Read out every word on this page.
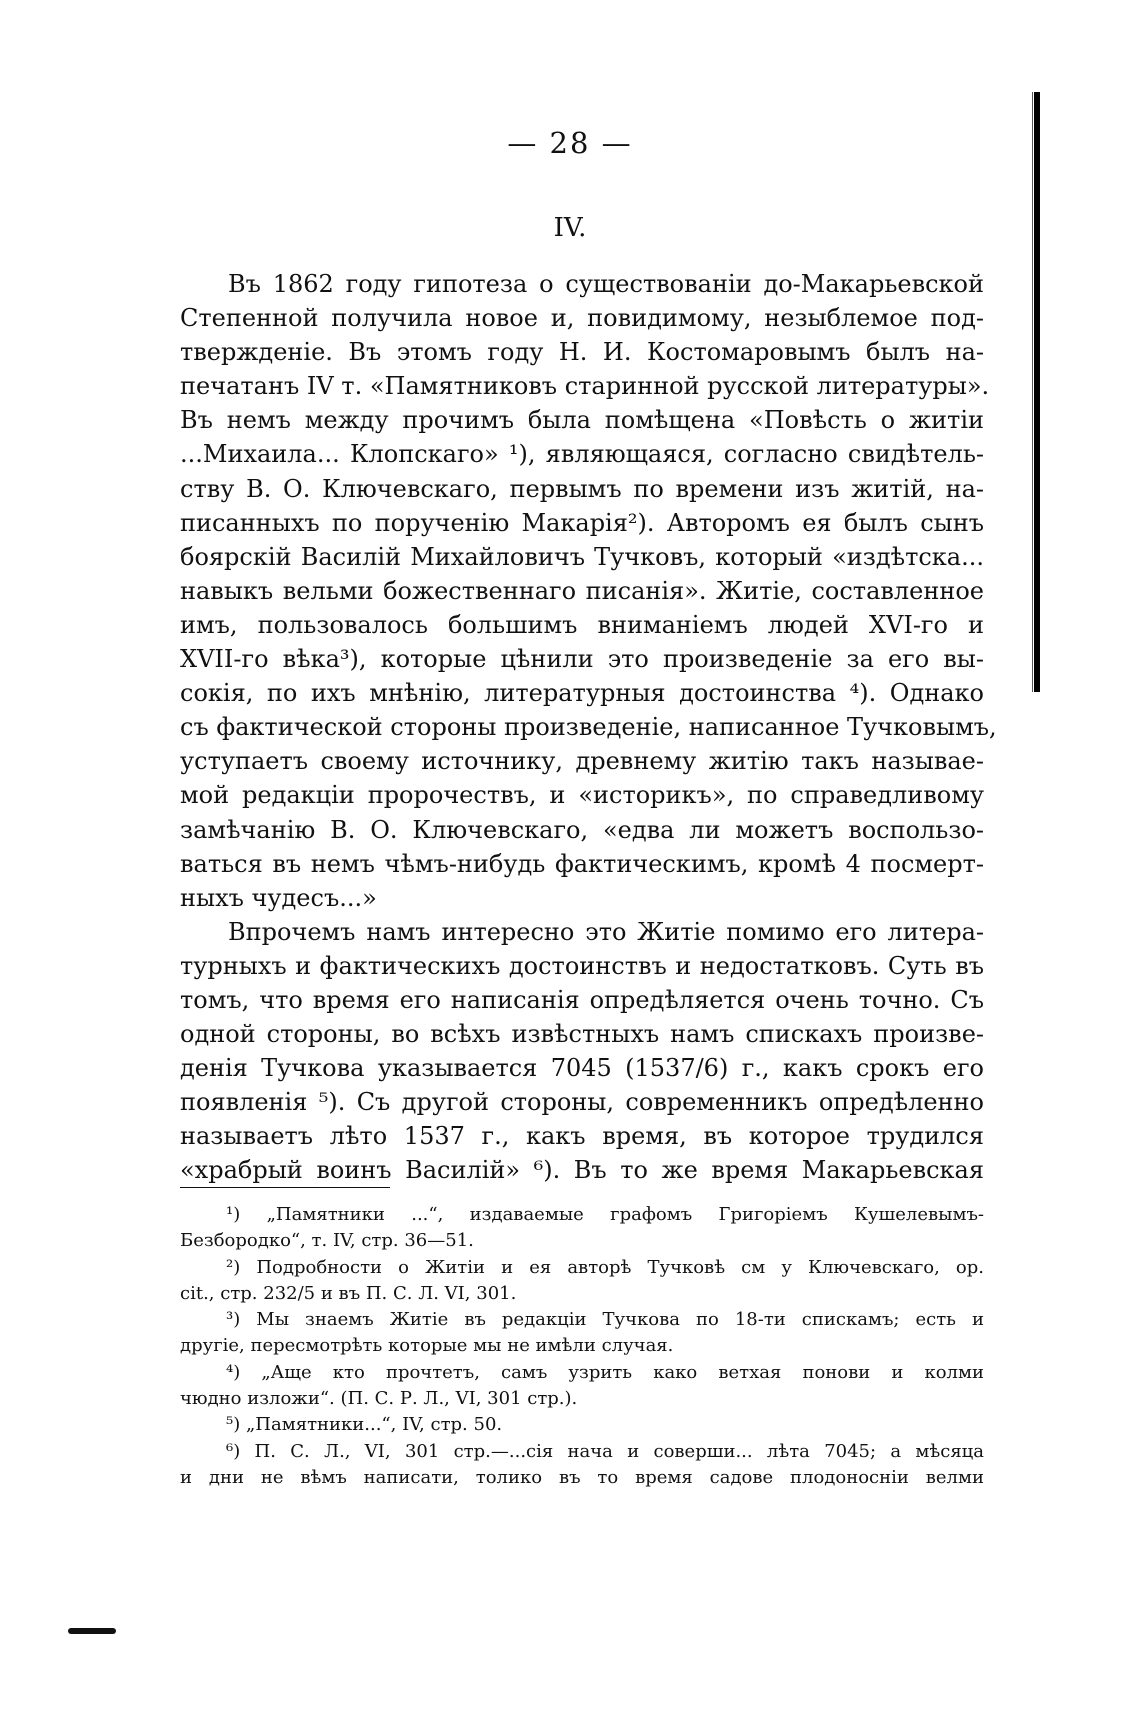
— 28 —
IV.
Въ 1862 году гипотеза о существованіи до-Макарьевской
Степенной получила новое и, повидимому, незыблемое под-
твержденіе. Въ этомъ году Н. И. Костомаровымъ былъ на-
печатанъ IV т. «Памятниковъ старинной русской литературы».
Въ немъ между прочимъ была помѣщена «Повѣсть о житіи
...Михаила... Клопскаго» ¹), являющаяся, согласно свидѣтель-
ству В. О. Ключевскаго, первымъ по времени изъ житій, на-
писанныхъ по порученію Макарія²). Авторомъ ея былъ сынъ
боярскій Василій Михайловичъ Тучковъ, который «издѣтска...
навыкъ вельми божественнаго писанія». Житіе, составленное
имъ, пользовалось большимъ вниманіемъ людей XVI-го и
XVII-го вѣка³), которые цѣнили это произведеніе за его вы-
сокія, по ихъ мнѣнію, литературныя достоинства ⁴). Однако
съ фактической стороны произведеніе, написанное Тучковымъ,
уступаетъ своему источнику, древнему житію такъ называе-
мой редакціи пророчествъ, и «историкъ», по справедливому
замѣчанію В. О. Ключевскаго, «едва ли можетъ воспользо-
ваться въ немъ чѣмъ-нибудь фактическимъ, кромѣ 4 посмерт-
ныхъ чудесъ...»
Впрочемъ намъ интересно это Житіе помимо его литера-
турныхъ и фактическихъ достоинствъ и недостатковъ. Суть въ
томъ, что время его написанія опредѣляется очень точно. Съ
одной стороны, во всѣхъ извѣстныхъ намъ спискахъ произве-
денія Тучкова указывается 7045 (1537/6) г., какъ срокъ его
появленія ⁵). Съ другой стороны, современникъ опредѣленно
называетъ лѣто 1537 г., какъ время, въ которое трудился
«храбрый воинъ Василій» ⁶). Въ то же время Макарьевская
¹) „Памятники ...“, издаваемые графомъ Григоріемъ Кушелевымъ-
Безбородко“, т. IV, стр. 36—51.
²) Подробности о Житіи и ея авторѣ Тучковѣ см у Ключевскаго, op.
cit., стр. 232/5 и въ П. С. Л. VI, 301.
³) Мы знаемъ Житіе въ редакціи Тучкова по 18-ти спискамъ; есть и
другіе, пересмотрѣть которые мы не имѣли случая.
⁴) „Аще кто прочтетъ, самъ узрить како ветхая понови и колми
чюдно изложи“. (П. С. Р. Л., VI, 301 стр.).
⁵) „Памятники...“, IV, стр. 50.
⁶) П. С. Л., VI, 301 стр.—...сія нача и соверши... лѣта 7045; а мѣсяца
и дни не вѣмъ написати, толико въ то время садове плодоносніи велми
